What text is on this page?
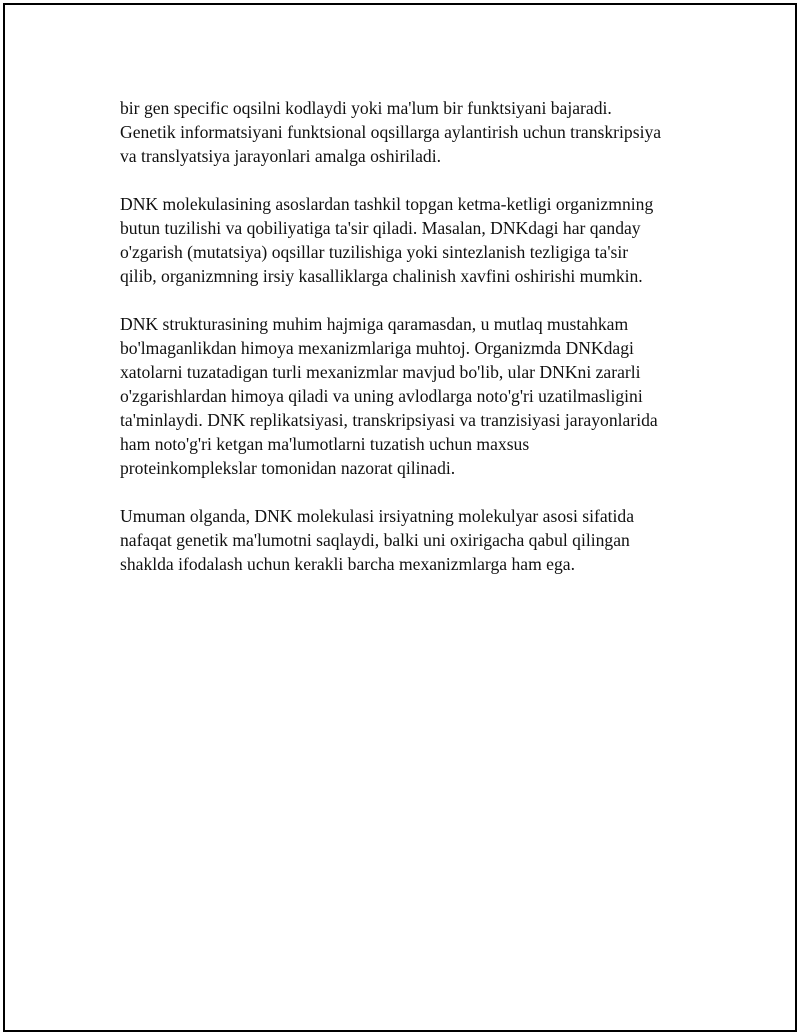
bir gen specific oqsilni kodlaydi yoki ma'lum bir funktsiyani bajaradi.
Genetik informatsiyani funktsional oqsillarga aylantirish uchun transkripsiya
va translyatsiya jarayonlari amalga oshiriladi.

DNK molekulasining asoslardan tashkil topgan ketma-ketligi organizmning
butun tuzilishi va qobiliyatiga ta'sir qiladi. Masalan, DNKdagi har qanday
o'zgarish (mutatsiya) oqsillar tuzilishiga yoki sintezlanish tezligiga ta'sir
qilib, organizmning irsiy kasalliklarga chalinish xavfini oshirishi mumkin.

DNK strukturasining muhim hajmiga qaramasdan, u mutlaq mustahkam
bo'lmaganlikdan himoya mexanizmlariga muhtoj. Organizmda DNKdagi
xatolarni tuzatadigan turli mexanizmlar mavjud bo'lib, ular DNKni zararli
o'zgarishlardan himoya qiladi va uning avlodlarga noto'g'ri uzatilmasligini
ta'minlaydi. DNK replikatsiyasi, transkripsiyasi va tranzisiyasi jarayonlarida
ham noto'g'ri ketgan ma'lumotlarni tuzatish uchun maxsus
proteinkomplekslar tomonidan nazorat qilinadi.

Umuman olganda, DNK molekulasi irsiyatning molekulyar asosi sifatida
nafaqat genetik ma'lumotni saqlaydi, balki uni oxirigacha qabul qilingan
shaklda ifodalash uchun kerakli barcha mexanizmlarga ham ega.
